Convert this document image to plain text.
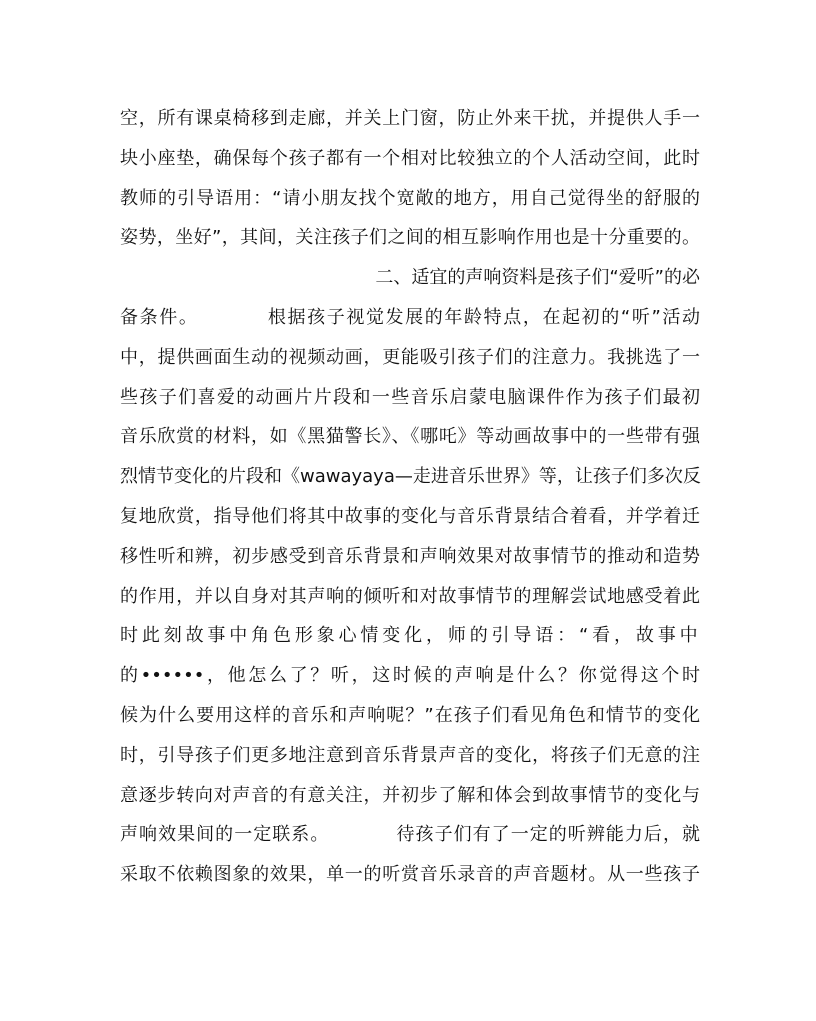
空，所有课桌椅移到走廊，并关上门窗，防止外来干扰，并提供人手一
块小座垫，确保每个孩子都有一个相对比较独立的个人活动空间，此时
教师的引导语用：“请小朋友找个宽敞的地方，用自己觉得坐的舒服的
姿势，坐好”，其间，关注孩子们之间的相互影响作用也是十分重要的。
二、适宜的声响资料是孩子们“爱听”的必
备条件。　　　　根据孩子视觉发展的年龄特点，在起初的“听”活动
中，提供画面生动的视频动画，更能吸引孩子们的注意力。我挑选了一
些孩子们喜爱的动画片片段和一些音乐启蒙电脑课件作为孩子们最初
音乐欣赏的材料，如《黑猫警长》、《哪吒》等动画故事中的一些带有强
烈情节变化的片段和《wawayaya—走进音乐世界》等，让孩子们多次反
复地欣赏，指导他们将其中故事的变化与音乐背景结合着看，并学着迁
移性听和辨，初步感受到音乐背景和声响效果对故事情节的推动和造势
的作用，并以自身对其声响的倾听和对故事情节的理解尝试地感受着此
时此刻故事中角色形象心情变化，师的引导语：“看，故事中
的••••••，他怎么了？听，这时候的声响是什么？你觉得这个时
候为什么要用这样的音乐和声响呢？”在孩子们看见角色和情节的变化
时，引导孩子们更多地注意到音乐背景声音的变化，将孩子们无意的注
意逐步转向对声音的有意关注，并初步了解和体会到故事情节的变化与
声响效果间的一定联系。　　　　待孩子们有了一定的听辨能力后，就
采取不依赖图象的效果，单一的听赏音乐录音的声音题材。从一些孩子
